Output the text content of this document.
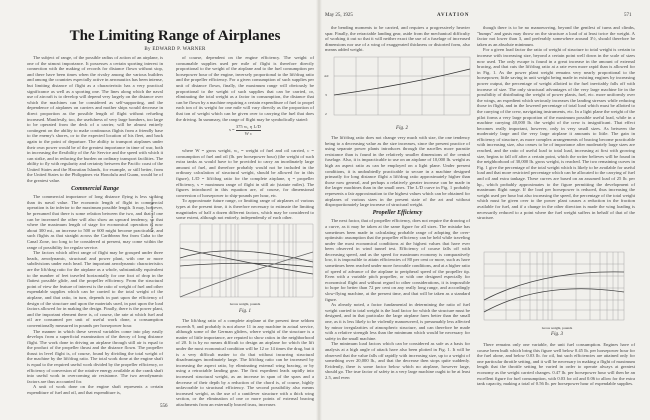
The Limiting Range of Airplanes
By EDWARD P. WARNER

The subject of range, of the possible radius of action of an airplane, is one of the utmost importance. It possesses a certain sporting interest in connection with the making of records for distance flown without stop, and there have been times when the rivalry among the various builders and among the countries especially active in aeronautics has been intense, but limiting distance of flight as a characteristic has a very practical significance as well as a sporting one. The lines along which the naval use of aircraft is to develop will depend very largely on the distance over which the machines can be considered as self-supporting, and the dependence of airplanes on carriers and mother ships would decrease in direct proportion as the possible length of flight without refueling increased. Manifestly, too, the usefulness of very large bombers, too large to be operated from the deck of a carrier, will be almost entirely contingent on the ability to make continuous flights from a friendly base to the enemy's shores, or to the expected location of his fleet, and back again to the point of departure. The ability to transport airplanes under their own power would be of the greatest importance in time of war, both in increasing the flexibility of the Air Service and the speed with which it can strike, and in reducing the burden on ordinary transport facilities. The ability to fly with regularity and certainty between the Pacific coast of the United States and the Hawaiian Islands, for example, or still better, from the United States to the Philippines via Honolulu and Guam, would be of the greatest value.

Commercial Range

The commercial importance of long distance flying is less striking than its naval value. The economic length of flight in commercial operation is far inferior to the maximum possible length. It may, however, be presumed that there is some relation between the two, and that if one can be increased the other will also show an upward tendency, so that where the maximum length of stage for economical operation is now about 300 mi., an increase to 500 or 600 might become practicable, and such flights as that straight across the Caribbean Sea from Cuba to the Canal Zone, too long to be considered at present, may come within the range of possibility for regular service.

The factors which affect range of flight may be grouped under three heads, aerodynamic, structural and power plant, with one or more subdivisions under each head. The important aerodynamic characteristics are the lift/drag ratio for the airplane as a whole, substantially equivalent to the number of feet traveled horizontally for one foot of drop in the flattest possible glide, and the propeller efficiency. From the structural point of view the feature of interest is the ratio of weight of fuel and other expendable supplies which can be carried to the total weight of the airplane, and that ratio, in turn, depends in part upon the efficiency of design of the structure and upon the materials used, in part upon the load factors allowed for in making the design. Finally, there is the power plant, and the important element there is, of course, the rate at which fuel and oil are consumed per unit of useful work done, a consumption conventionally measured in pounds per horsepower hour.

The manner in which these several variables come into play easily develops from a superficial examination of the theory of long distance flight. The work done in driving an airplane through still air is equal to the product of the propeller thrust and the distance flown. The propeller thrust in level flight is, of course, found by dividing the total weight of the machine by the lift/drag ratio. The total work done at the engine shaft is equal to the required useful work divided by the propeller efficiency, or efficiency of conversion of the rotative energy available at the crank shaft into useful work in overcoming air resistance. The two aerodynamic factors are thus accounted for.

A unit of work done on the engine shaft represents a certain expenditure of fuel and oil, and that expenditure is,

of course, dependent on the engine efficiency. The weight of consumable supplies used per mile of flight is therefore directly proportional to the weight of the airplane and to the fuel consumption per horsepower hour of the engine, inversely proportional to the lift/drag ratio and the propeller efficiency. For a given consumption of such supplies per unit of distance flown, finally, the maximum range will obviously be proportional to the weight of such supplies that can be carried, or, eliminating the total weight as a factor in consumption, the distance that can be flown by a machine requiring a certain expenditure of fuel to propel each ton of its weight for one mile will vary directly as the proportion of that ton of weight which can be given over to carrying the fuel that does the driving. In summary, the range of flight may be symbolically stated:

$s = \frac{\text{375 w₁ η L/D}}{\text{W c}}$

where W = gross weight, w₁ = weight of fuel and oil carried, c = consumption of fuel and oil (lb. per horsepower hour) (the weight of such extra tanks as would have to be provided to carry an inordinately large amount of fuel, and therefore probably would not be included in the ordinary calculation of structural weight, should be allowed for in this figure), L/D = lift/drag ratio for the complete airplane, η = propeller efficiency, s = maximum range of flight in still air (statute miles). The figures introduced in this equation are, of course, for dimensional conversion of horsepower to ship-pounds per hour, etc.

To approximate future range, or limiting range of airplanes of various types at the present time, it is therefore necessary to estimate the limiting magnitudes of half a dozen different factors, which may be considered to some extent, although not entirely, independently of each other.

L/D ratio and load factor
Gross weight, pounds
Fig. 1

The lift/drag ratio of a complete airplane at the present time seldom exceeds 9, and probably is not above 11 in any machine in actual service, although some of the German gliders, where weight of the structure is a matter of little importance, are reputed to show ratios in the neighborhood of 20. It is by no means difficult to design an airplane for which the lift under the most economical condition will be 12 or 14 times the drag, but it is a very difficult matter to do that without incurring structural disadvantages inordinately large. The lift/drag ratio can be increased by increasing the aspect ratio, by eliminating external wing bracing, or by using a retractable landing gear. The first expedient leads rapidly into increased structural weight, as an increase in span of the spars and a decrease of their depth by a reduction of the chord is, of course, highly unfavorable to structural efficiency. The second possibility also means increased weight, as the use of a cantilever structure with a thick wing section, or the elimination of one or more points of external bracing attachments from an externally braced truss, increases

556
May 25, 1925	AVIATION	571

the bending moments to be carried, and requires a progressively heavier spar. Finally, the retractable landing gear, aside from the mechanical difficulty of working it out so that it will neither exact the use of a fuselage of increased dimensions nor use of a wing of exaggerated thickness or distorted form, also means added weight.

4.0
3
2
Fig. 2

The lift/drag ratio does not change very much with size, the one tendency being to a decreasing value as the size increases, since the present practice of using separate power plants introduces through the nacelles more parasite resistance than is found in the relatively smaller dimensions of the central fuselage. Also, it is impracticable to use on an airplane of 10,000 lb. weight as high an aspect ratio as can be employed on a light plane. Under present conditions, it is undoubtedly practicable to secure in a machine designed primarily for long distance flight a lift/drag ratio approximately higher than those now general, and perhaps a relatively greater increase can be made in the larger machines than in the small ones. The L/D curve in Fig. 1 probably represents a fair approximation to the highest values which can be obtained for airplanes of various sizes in the present state of the art and without disproportionately large increase of structural weight.

Propeller Efficiency

The next factor, that of propeller efficiency, does not require the drawing of a curve, as it may be taken at the same figure for all sizes. The mistake has sometimes been made in calculating probable range of adopting the over-optimistic assumption that the propeller efficiency can be held while traveling under the most economical conditions at the highest values that have ever been observed in wind tunnel test. Efficiency of course falls off with decreasing speed, and as the speed for maximum economy is comparatively low, it is impossible to attain efficiencies of 80 per cent or more, such as have sometimes been reached under more favorable conditions, and at a higher ratio of speed of advance of the airplane to peripheral speed of the propeller tip. Even with a variable pitch propeller, or with one designed especially for economical flight and without regard to other considerations, it is impossible to hope for better than 72 per cent on any really long range, and accordingly slow-flying machine, at the present time, and that will be taken as a standard figure.

As already noted, a factor fundamental in determining the ratio of fuel weight carried to total weight is the load factor for which the structure must be designed, and in that particular the large airplane fares better than the small one, as it is less likely to be violently manoeuvred, is presumably less affected by minor irregularities of atmospheric structure, and can therefore be made with a relative strength less than the minimum which would be necessary for safety in the small machine.

The minimum load factors which can be considered as safe as a basis for analysis at a high angle of attack have also been plotted in Fig. 1. It will be observed that the value falls off rapidly with increasing size, up to a weight of something over 20,000 lb., and that the decrease then stops quite suddenly. Evidently, there is some factor below which no airplane, however large, should go. The true factor of safety in a very large machine ought to be at least 2.5, and even

though there is to be no manoeuvring, beyond the gentlest of turns and climbs, "bumps" and gusts may throw on the structure a load of at least twice the weight. A factor not lower than 3, and preferably somewhere around 3½, should therefore be taken as an absolute minimum.

For a given load factor the ratio of weight of structure to total weight is certain to increase with increasing size, beyond a certain point well down in the scale of sizes now used. The only escape is found in a great increase in the amount of external bracing, and that cuts the lift/drag ratio at a rate even more rapid than is allowed for in Fig. 1. As the power plant weight remains very nearly proportional to the horsepower, little saving in unit weight being made in existing engines by increasing power output, the percentage of weight allotted to the fuel inevitably falls off with increase of size. The only structural advantages of the very large machine lie in the possibility of distributing the weight of power plants, fuel, etc. more uniformly over the wings, an expedient which seriously increases the landing stresses while reducing those in flight, and in the lowered percentage of total load which must be allotted to the carrying of the crew, navigating instruments, etc. In a light plane the weight of the pilot forms a very large proportion of the maximum possible useful load, while in a machine carrying 40,000 lb. the weight of the crew is insignificant. That effect becomes really important, however, only in very small sizes. As between the moderately large and the very large airplane it amounts to little. The gain in efficiency of structure, as more complex arrangements of bracing become practicable with increasing size, also ceases to be of importance after moderately large sizes are reached, and the ratio of useful load to total load, increasing at first with growing size, begins to fall off after a certain point, which the writer believes will be found in the neighborhood of 30,000 lb. gross weight, is reached. The two remaining curves in Fig. 1 give the percentage of the total weight which is likely to be available for useful load and that more restricted percentage which can be allocated to the carrying of fuel and oil and extra tankage. These curves are based on an assumed load of 25 lb. per hp., which probably approximates to the figure permitting the development of maximum flight range. If the load per horsepower is reduced, thus increasing the weight used per hour but also increasing the speed, the percentage of the total weight which must be given over to the power plant causes a reduction in the fraction available for fuel, and if a change in the other direction is made the wing loading is necessarily reduced to a point where the fuel weight suffers in behalf of that of the structure.

Gross weight, pounds
Fig. 3

There remains only one variable, the unit fuel consumption. Engines have of course been built which bring this figure well below 0.45 lb. per horsepower hour for the fuel alone, and below 0.03 lb. for oil, but such efficiencies are attained only for one particular throttle setting, and it will be necessary in making a flight of maximum length that the throttle setting be varied in order to operate always at greatest economy as the weight carried changes. 0.47 lb. per horsepower hour will then be an excellent figure for fuel consumption, with 0.03 for oil and 0.06 to allow for the extra tank capacity, making a total of 0.56 lb. per horsepower hour of expendable supplies.
